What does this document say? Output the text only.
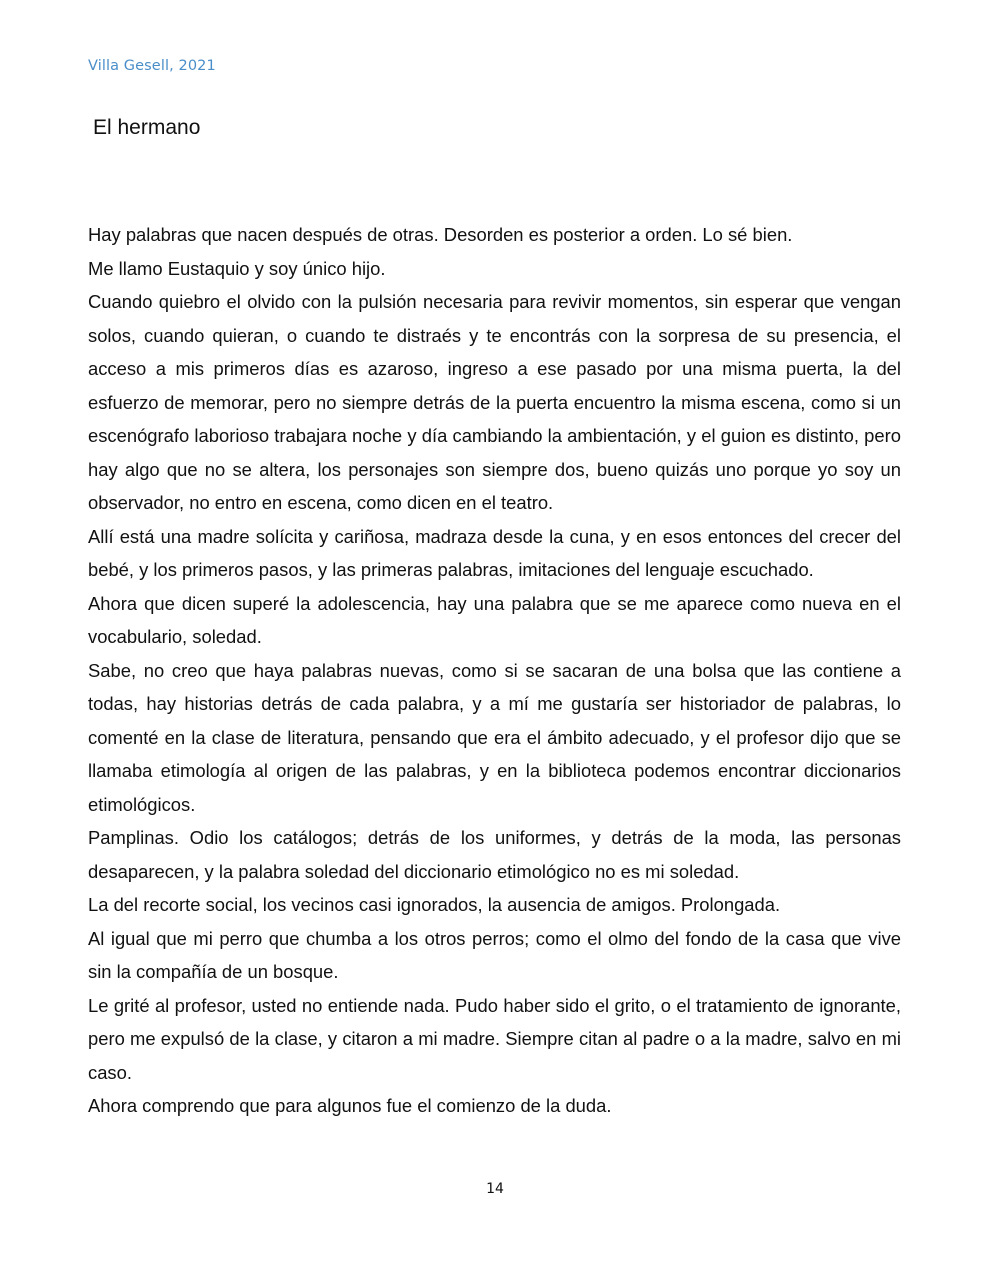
Villa Gesell, 2021
El hermano

Hay palabras que nacen después de otras. Desorden es posterior a orden. Lo sé bien.

Me llamo Eustaquio y soy único hijo.

Cuando quiebro el olvido con la pulsión necesaria para revivir momentos, sin esperar que vengan solos, cuando quieran, o cuando te distraés y te encontrás con la sorpresa de su presencia, el acceso a mis primeros días es azaroso, ingreso a ese pasado por una misma puerta, la del esfuerzo de memorar, pero no siempre detrás de la puerta encuentro la misma escena, como si un escenógrafo laborioso trabajara noche y día cambiando la ambientación, y el guion es distinto, pero hay algo que no se altera, los personajes son siempre dos, bueno quizás uno porque yo soy un observador, no entro en escena, como dicen en el teatro.

Allí está una madre solícita y cariñosa, madraza desde la cuna, y en esos entonces del crecer del bebé, y los primeros pasos, y las primeras palabras, imitaciones del lenguaje escuchado.

Ahora que dicen superé la adolescencia, hay una palabra que se me aparece como nueva en el vocabulario, soledad.

Sabe, no creo que haya palabras nuevas, como si se sacaran de una bolsa que las contiene a todas, hay historias detrás de cada palabra, y a mí me gustaría ser historiador de palabras, lo comenté en la clase de literatura, pensando que era el ámbito adecuado, y el profesor dijo que se llamaba etimología al origen de las palabras, y en la biblioteca podemos encontrar diccionarios etimológicos.

Pamplinas. Odio los catálogos; detrás de los uniformes, y detrás de la moda, las personas desaparecen, y la palabra soledad del diccionario etimológico no es mi soledad.

La del recorte social, los vecinos casi ignorados, la ausencia de amigos. Prolongada.

Al igual que mi perro que chumba a los otros perros; como el olmo del fondo de la casa que vive sin la compañía de un bosque.

Le grité al profesor, usted no entiende nada. Pudo haber sido el grito, o el tratamiento de ignorante, pero me expulsó de la clase, y citaron a mi madre. Siempre citan al padre o a la madre, salvo en mi caso.

Ahora comprendo que para algunos fue el comienzo de la duda.

14
